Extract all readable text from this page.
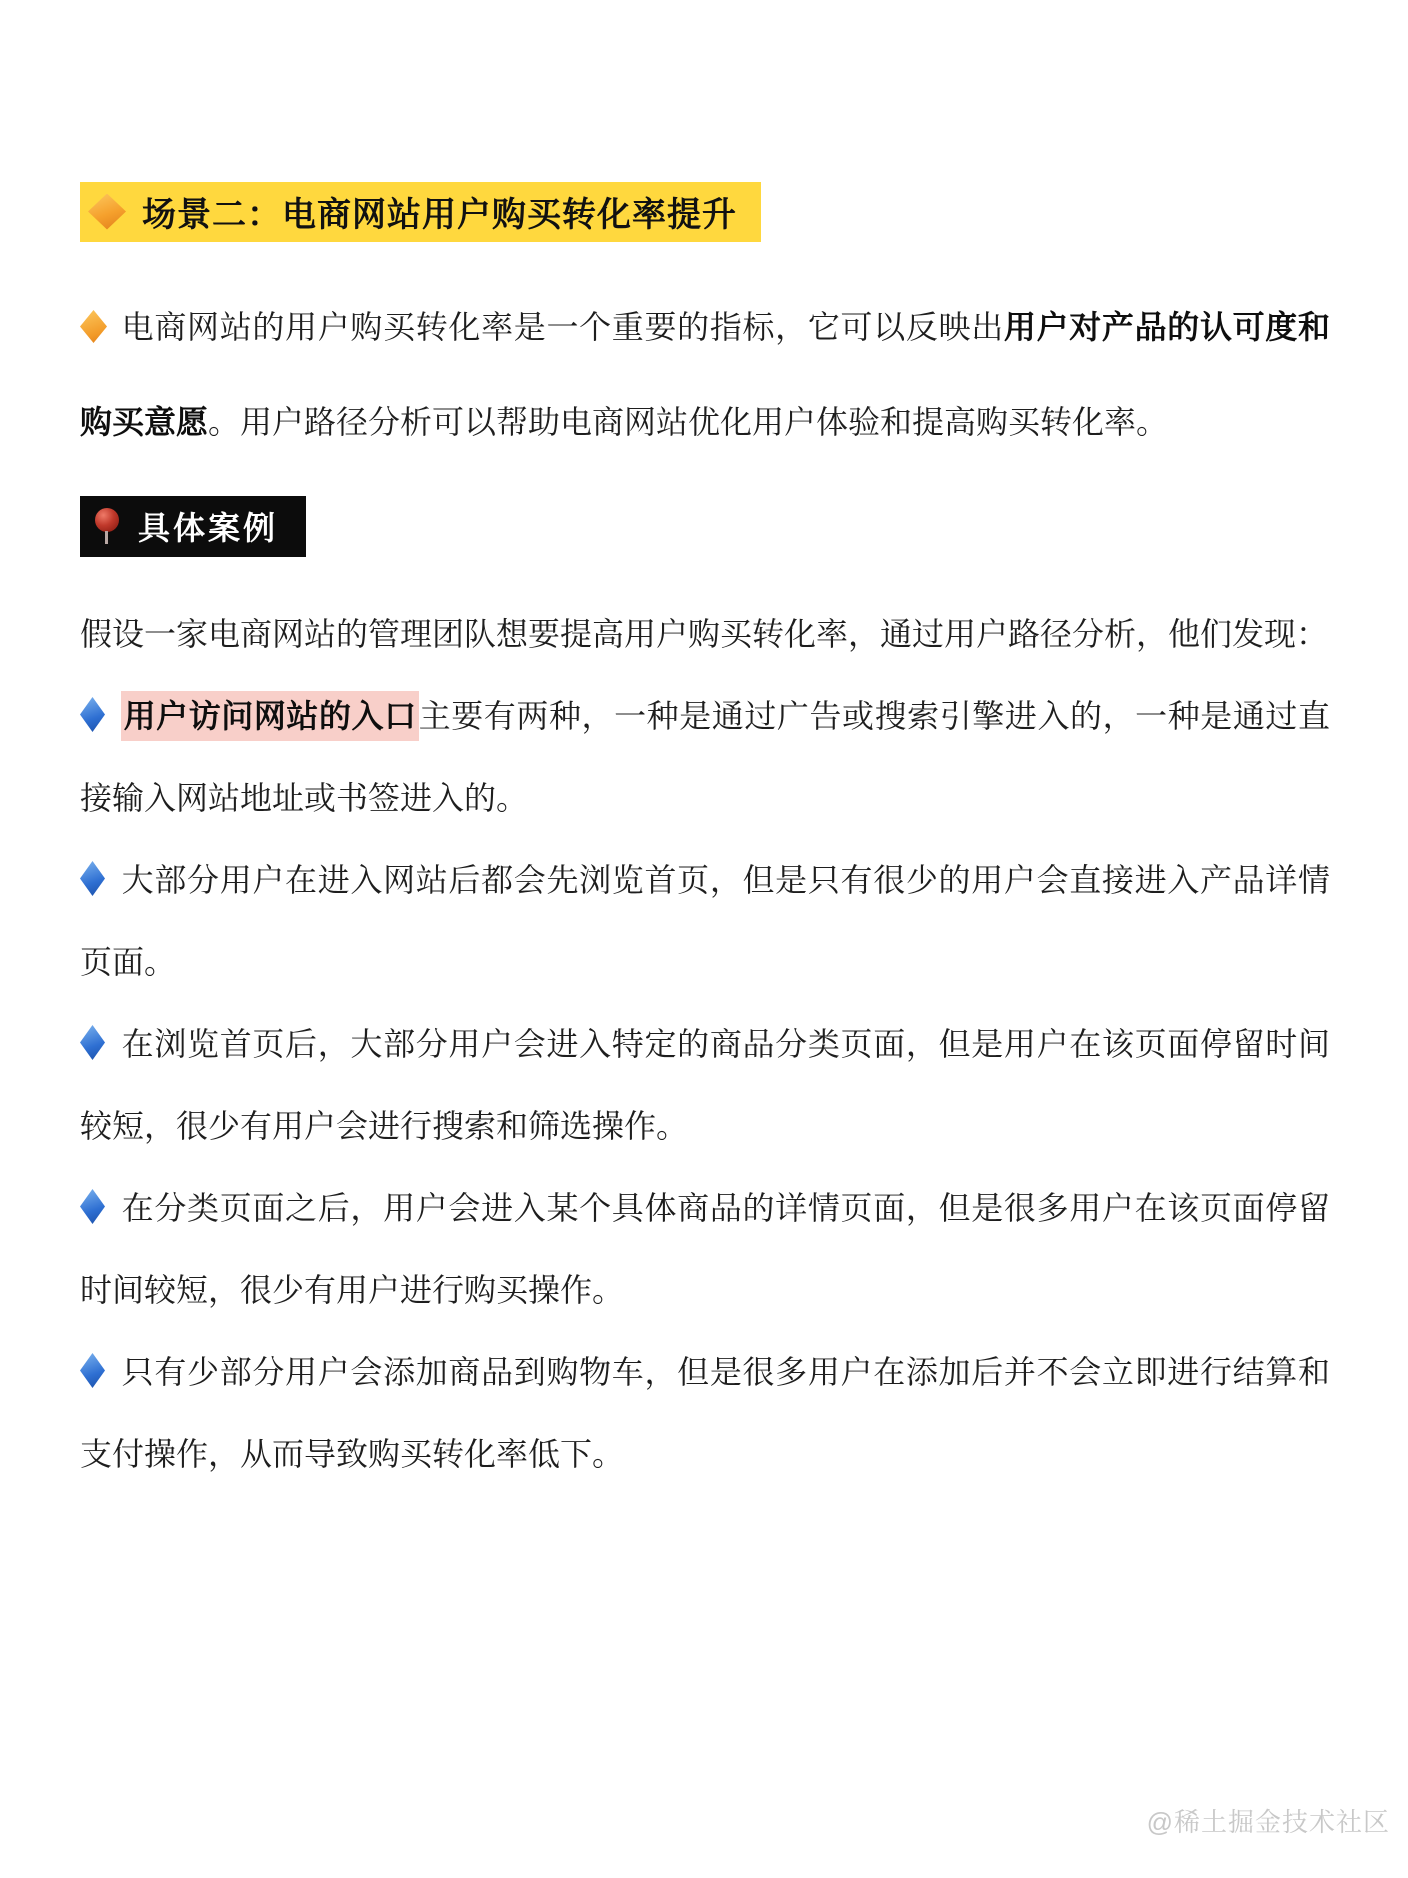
场景二：电商网站用户购买转化率提升

电商网站的用户购买转化率是一个重要的指标，它可以反映出用户对产品的认可度和购买意愿。用户路径分析可以帮助电商网站优化用户体验和提高购买转化率。

具体案例

假设一家电商网站的管理团队想要提高用户购买转化率，通过用户路径分析，他们发现：

用户访问网站的入口主要有两种，一种是通过广告或搜索引擎进入的，一种是通过直接输入网站地址或书签进入的。

大部分用户在进入网站后都会先浏览首页，但是只有很少的用户会直接进入产品详情页面。

在浏览首页后，大部分用户会进入特定的商品分类页面，但是用户在该页面停留时间较短，很少有用户会进行搜索和筛选操作。

在分类页面之后，用户会进入某个具体商品的详情页面，但是很多用户在该页面停留时间较短，很少有用户进行购买操作。

只有少部分用户会添加商品到购物车，但是很多用户在添加后并不会立即进行结算和支付操作，从而导致购买转化率低下。

@稀土掘金技术社区
